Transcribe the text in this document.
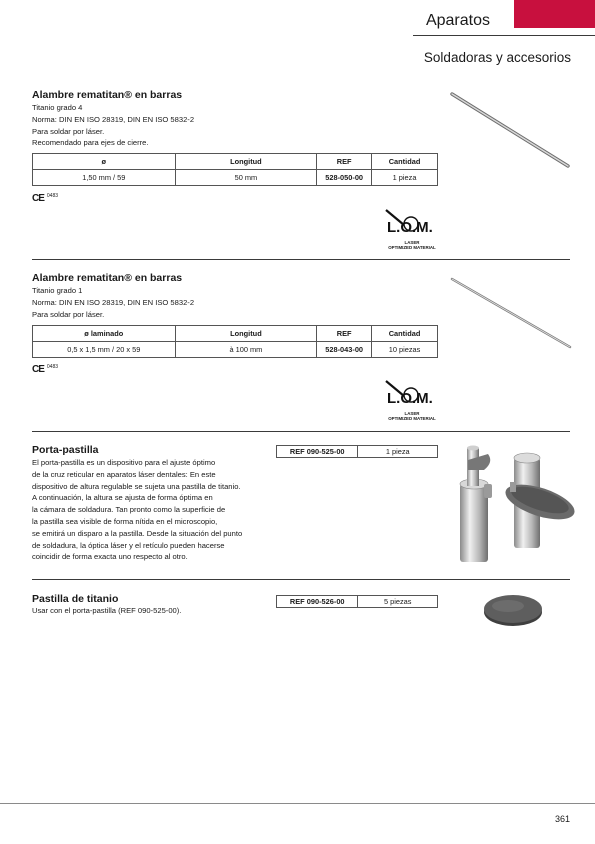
Aparatos
Soldadoras y accesorios
Alambre rematitan® en barras
Titanio grado 4
Norma: DIN EN ISO 28319, DIN EN ISO 5832-2
Para soldar por láser.
Recomendado para ejes de cierre.
ø	Longitud	REF	Cantidad
1,50 mm / 59	50 mm	528-050-00	1 pieza
CE $^{0483}$
L.O.M.
LASER
OPTIMIZED MATERIAL
Alambre rematitan® en barras
Titanio grado 1
Norma: DIN EN ISO 28319, DIN EN ISO 5832-2
Para soldar por láser.
ø laminado	Longitud	REF	Cantidad
0,5 x 1,5 mm / 20 x 59	à 100 mm	528-043-00	10 piezas
CE $^{0483}$
L.O.M.
LASER
OPTIMIZED MATERIAL
Porta-pastilla
El porta-pastilla es un dispositivo para el ajuste óptimo
de la cruz reticular en aparatos láser dentales: En este
dispositivo de altura regulable se sujeta una pastilla de titanio.
A continuación, la altura se ajusta de forma óptima en
la cámara de soldadura. Tan pronto como la superficie de
la pastilla sea visible de forma nítida en el microscopio,
se emitirá un disparo a la pastilla. Desde la situación del punto
de soldadura, la óptica láser y el retículo pueden hacerse
coincidir de forma exacta uno respecto al otro.
REF 090-525-00	1 pieza
Pastilla de titanio
Usar con el porta-pastilla (REF 090-525-00).
REF 090-526-00	5 piezas
361
